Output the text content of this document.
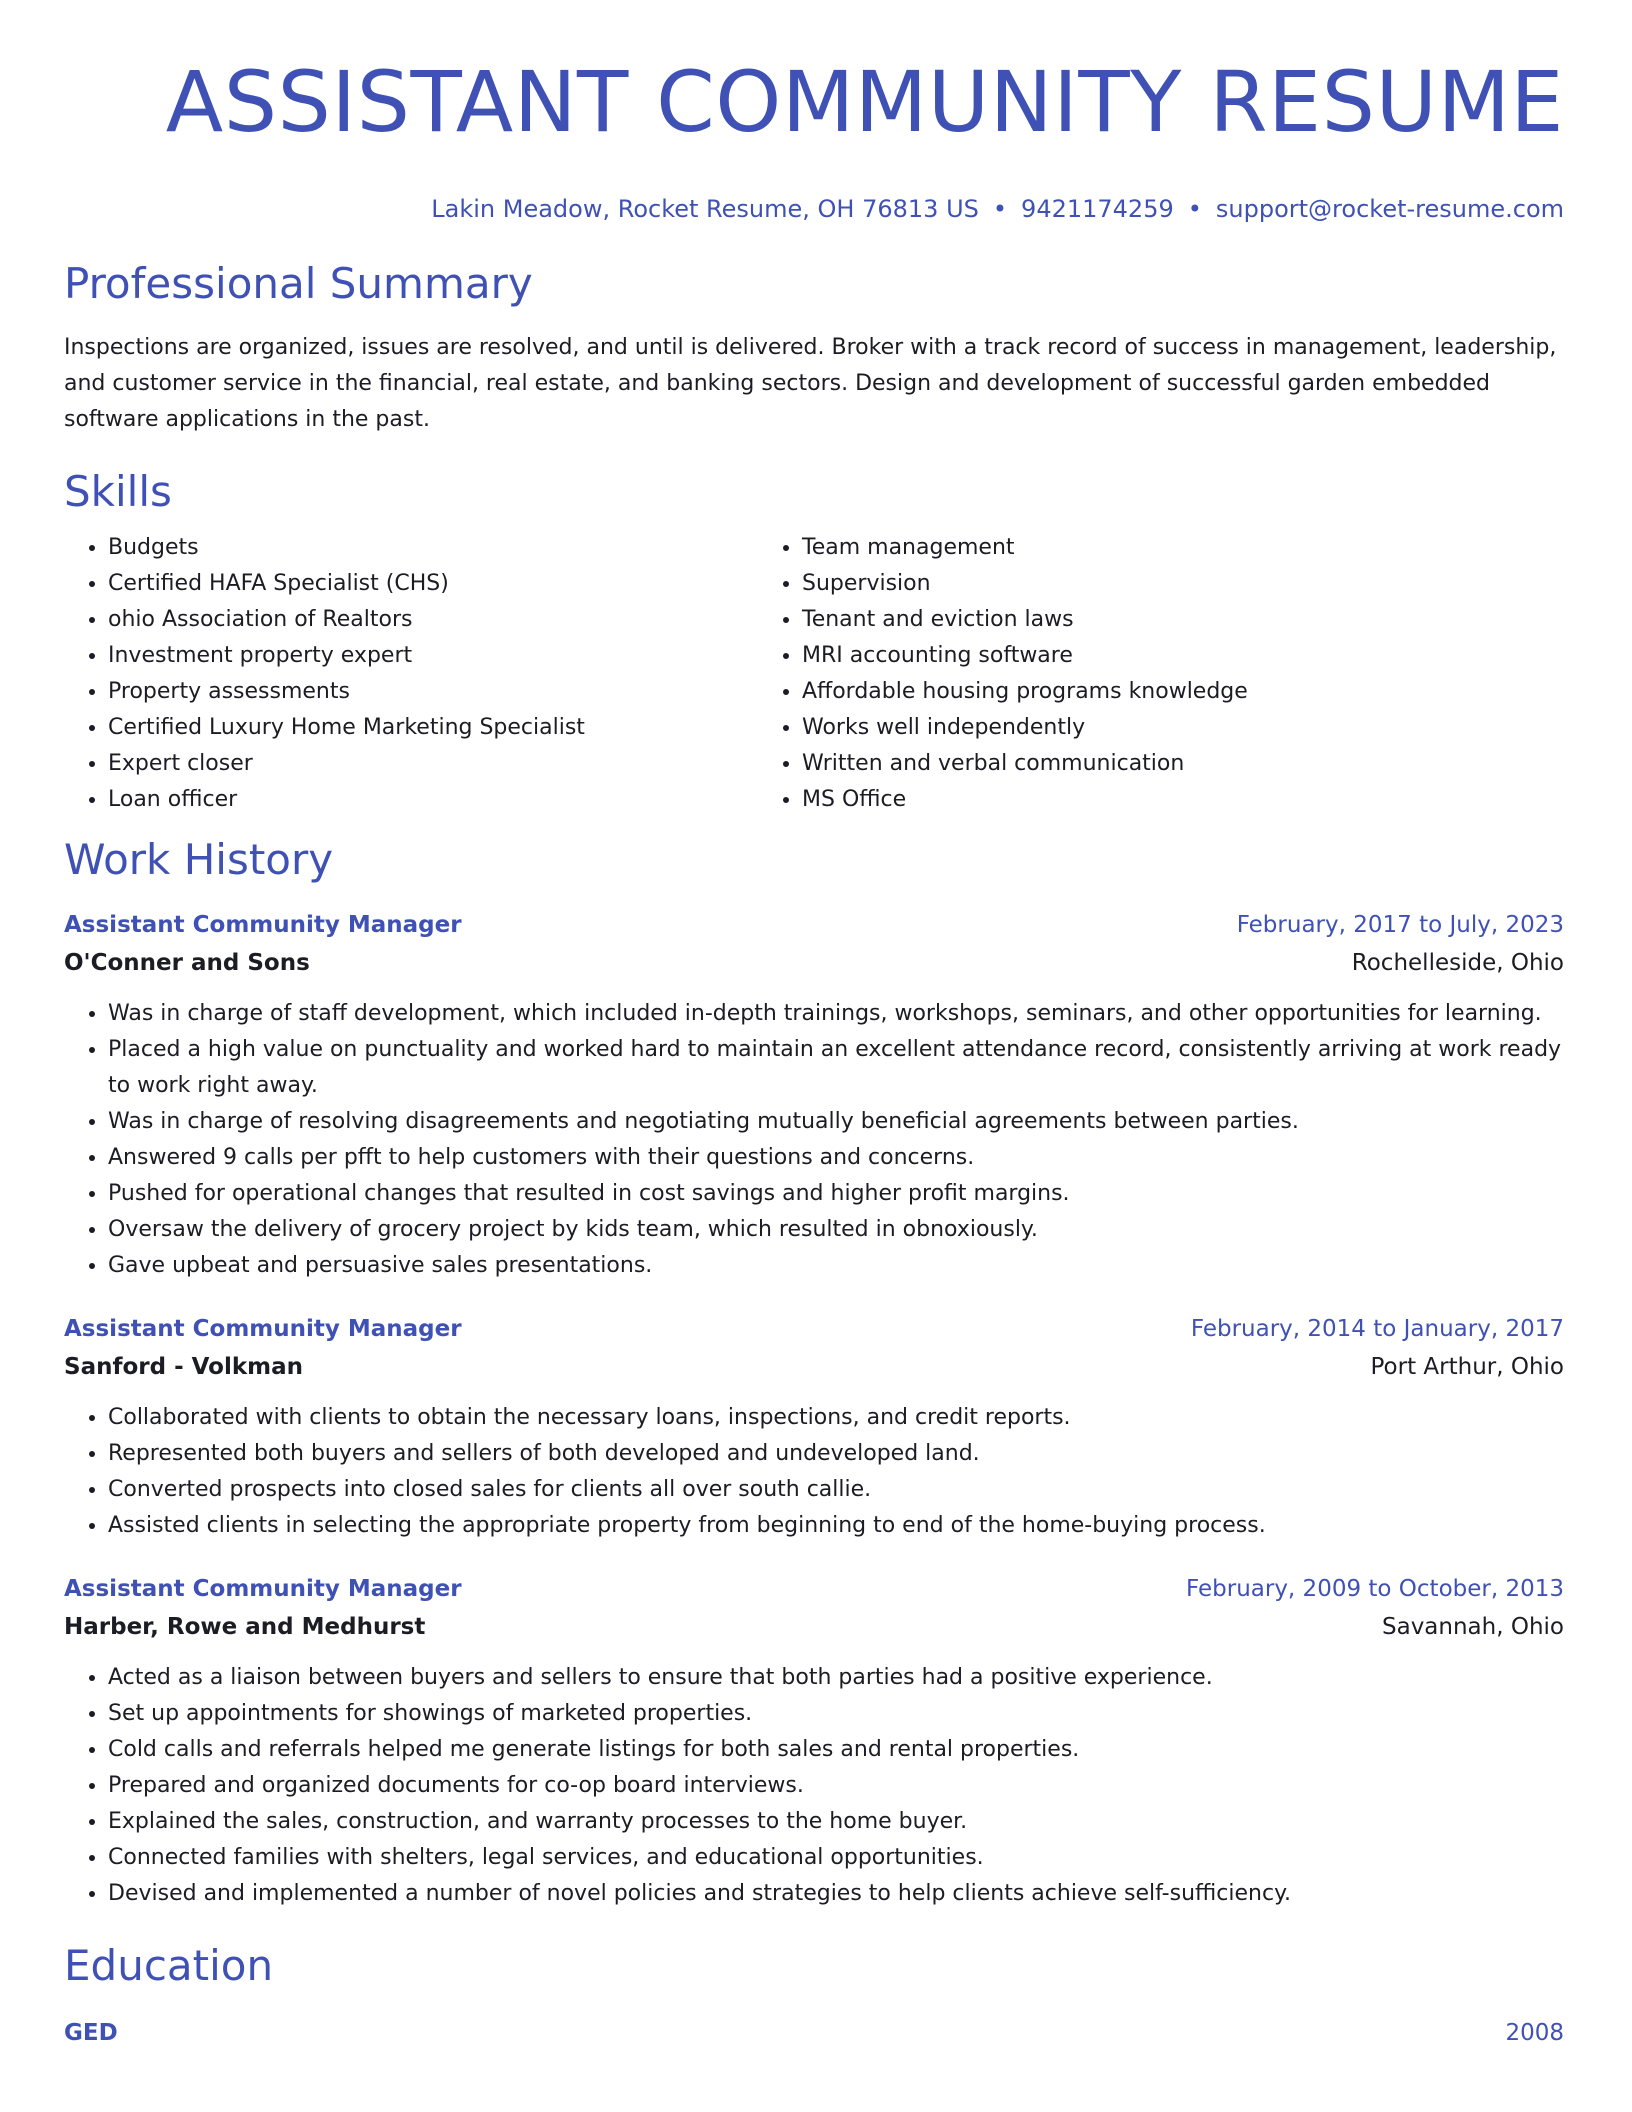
ASSISTANT COMMUNITY RESUME
Lakin Meadow, Rocket Resume, OH 76813 US • 9421174259 • support@rocket-resume.com
Professional Summary

Inspections are organized, issues are resolved, and until is delivered. Broker with a track record of success in management, leadership, and customer service in the financial, real estate, and banking sectors. Design and development of successful garden embedded software applications in the past.

Skills
• Budgets
• Certified HAFA Specialist (CHS)
• ohio Association of Realtors
• Investment property expert
• Property assessments
• Certified Luxury Home Marketing Specialist
• Expert closer
• Loan officer
• Team management
• Supervision
• Tenant and eviction laws
• MRI accounting software
• Affordable housing programs knowledge
• Works well independently
• Written and verbal communication
• MS Office
Work History
Assistant Community Manager	February, 2017 to July, 2023
O'Conner and Sons	Rochelleside, Ohio
• Was in charge of staff development, which included in-depth trainings, workshops, seminars, and other opportunities for learning.
• Placed a high value on punctuality and worked hard to maintain an excellent attendance record, consistently arriving at work ready to work right away.
• Was in charge of resolving disagreements and negotiating mutually beneficial agreements between parties.
• Answered 9 calls per pfft to help customers with their questions and concerns.
• Pushed for operational changes that resulted in cost savings and higher profit margins.
• Oversaw the delivery of grocery project by kids team, which resulted in obnoxiously.
• Gave upbeat and persuasive sales presentations.
Assistant Community Manager	February, 2014 to January, 2017
Sanford - Volkman	Port Arthur, Ohio
• Collaborated with clients to obtain the necessary loans, inspections, and credit reports.
• Represented both buyers and sellers of both developed and undeveloped land.
• Converted prospects into closed sales for clients all over south callie.
• Assisted clients in selecting the appropriate property from beginning to end of the home-buying process.
Assistant Community Manager	February, 2009 to October, 2013
Harber, Rowe and Medhurst	Savannah, Ohio
• Acted as a liaison between buyers and sellers to ensure that both parties had a positive experience.
• Set up appointments for showings of marketed properties.
• Cold calls and referrals helped me generate listings for both sales and rental properties.
• Prepared and organized documents for co-op board interviews.
• Explained the sales, construction, and warranty processes to the home buyer.
• Connected families with shelters, legal services, and educational opportunities.
• Devised and implemented a number of novel policies and strategies to help clients achieve self-sufficiency.
Education
GED	2008
